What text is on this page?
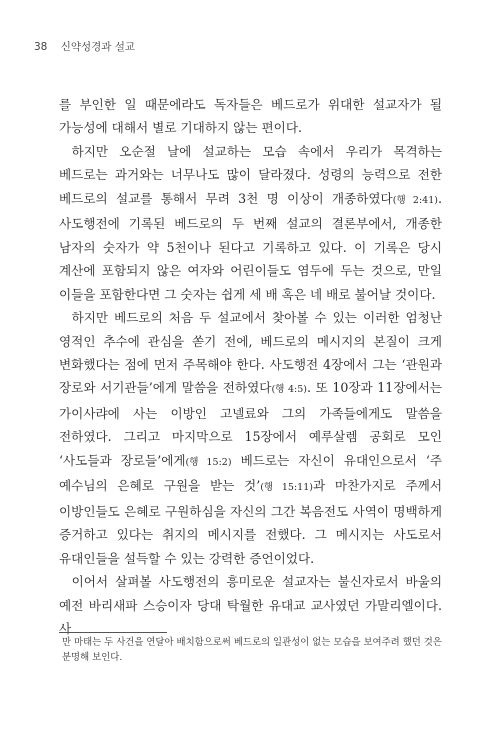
38 신약성경과 설교

를 부인한 일 때문에라도 독자들은 베드로가 위대한 설교자가 될 가능성에 대해서 별로 기대하지 않는 편이다.

하지만 오순절 날에 설교하는 모습 속에서 우리가 목격하는 베드로는 과거와는 너무나도 많이 달라졌다. 성령의 능력으로 전한 베드로의 설교를 통해서 무려 3천 명 이상이 개종하였다(행 2:41). 사도행전에 기록된 베드로의 두 번째 설교의 결론부에서, 개종한 남자의 숫자가 약 5천이나 된다고 기록하고 있다. 이 기록은 당시 계산에 포함되지 않은 여자와 어린이들도 염두에 두는 것으로, 만일 이들을 포함한다면 그 숫자는 쉽게 세 배 혹은 네 배로 불어날 것이다.

하지만 베드로의 처음 두 설교에서 찾아볼 수 있는 이러한 엄청난 영적인 추수에 관심을 쏟기 전에, 베드로의 메시지의 본질이 크게 변화했다는 점에 먼저 주목해야 한다. 사도행전 4장에서 그는 ‘관원과 장로와 서기관들’에게 말씀을 전하였다(행 4:5). 또 10장과 11장에서는 가이사랴에 사는 이방인 고넬료와 그의 가족들에게도 말씀을 전하였다. 그리고 마지막으로 15장에서 예루살렘 공회로 모인 ‘사도들과 장로들’에게(행 15:2) 베드로는 자신이 유대인으로서 ‘주 예수님의 은혜로 구원을 받는 것’(행 15:11)과 마찬가지로 주께서 이방인들도 은혜로 구원하심을 자신의 그간 복음전도 사역이 명백하게 증거하고 있다는 취지의 메시지를 전했다. 그 메시지는 사도로서 유대인들을 설득할 수 있는 강력한 증언이었다.

이어서 살펴볼 사도행전의 흥미로운 설교자는 불신자로서 바울의 예전 바리새파 스승이자 당대 탁월한 유대교 교사였던 가말리엘이다. 사

만 마태는 두 사건을 연달아 배치함으로써 베드로의 일관성이 없는 모습을 보여주려 했던 것은 분명해 보인다.
